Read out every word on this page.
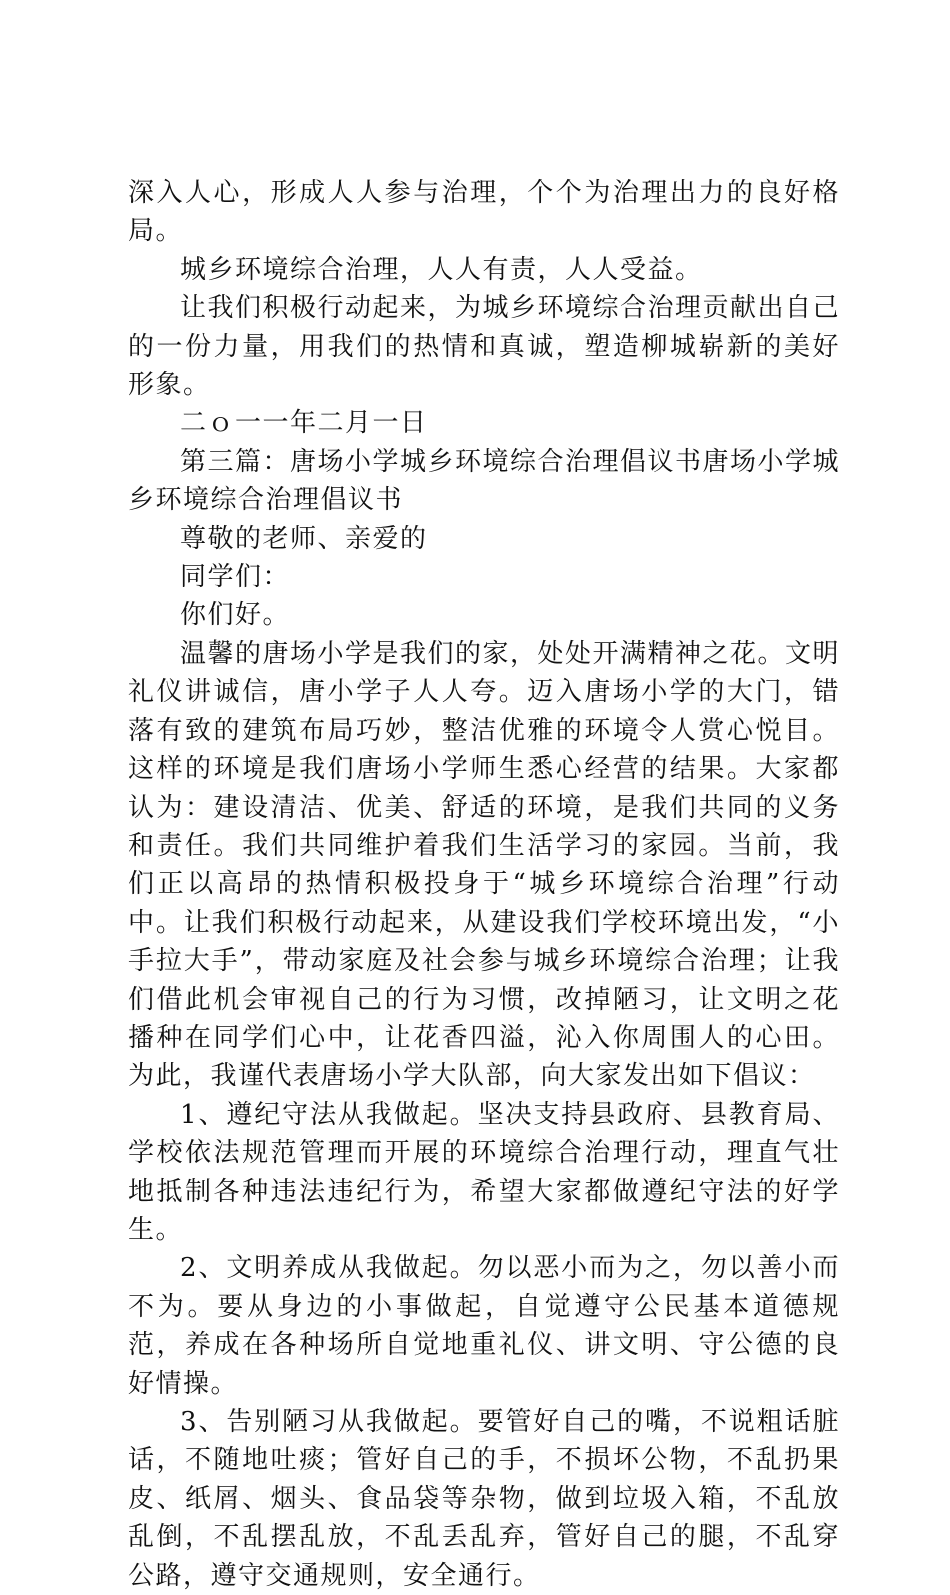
深入人心，形成人人参与治理，个个为治理出力的良好格局。

城乡环境综合治理，人人有责，人人受益。

让我们积极行动起来，为城乡环境综合治理贡献出自己的一份力量，用我们的热情和真诚，塑造柳城崭新的美好形象。

二ｏ一一年二月一日

第三篇：唐场小学城乡环境综合治理倡议书唐场小学城乡环境综合治理倡议书

尊敬的老师、亲爱的

同学们：

你们好。

温馨的唐场小学是我们的家，处处开满精神之花。文明礼仪讲诚信，唐小学子人人夸。迈入唐场小学的大门，错落有致的建筑布局巧妙，整洁优雅的环境令人赏心悦目。这样的环境是我们唐场小学师生悉心经营的结果。大家都认为：建设清洁、优美、舒适的环境，是我们共同的义务和责任。我们共同维护着我们生活学习的家园。当前，我们正以高昂的热情积极投身于“城乡环境综合治理”行动中。让我们积极行动起来，从建设我们学校环境出发，“小手拉大手”，带动家庭及社会参与城乡环境综合治理；让我们借此机会审视自己的行为习惯，改掉陋习，让文明之花播种在同学们心中，让花香四溢，沁入你周围人的心田。为此，我谨代表唐场小学大队部，向大家发出如下倡议：

1、遵纪守法从我做起。坚决支持县政府、县教育局、学校依法规范管理而开展的环境综合治理行动，理直气壮地抵制各种违法违纪行为，希望大家都做遵纪守法的好学生。

2、文明养成从我做起。勿以恶小而为之，勿以善小而不为。要从身边的小事做起，自觉遵守公民基本道德规范，养成在各种场所自觉地重礼仪、讲文明、守公德的良好情操。

3、告别陋习从我做起。要管好自己的嘴，不说粗话脏话，不随地吐痰；管好自己的手，不损坏公物，不乱扔果皮、纸屑、烟头、食品袋等杂物，做到垃圾入箱，不乱放乱倒，不乱摆乱放，不乱丢乱弃，管好自己的腿，不乱穿公路，遵守交通规则，安全通行。
